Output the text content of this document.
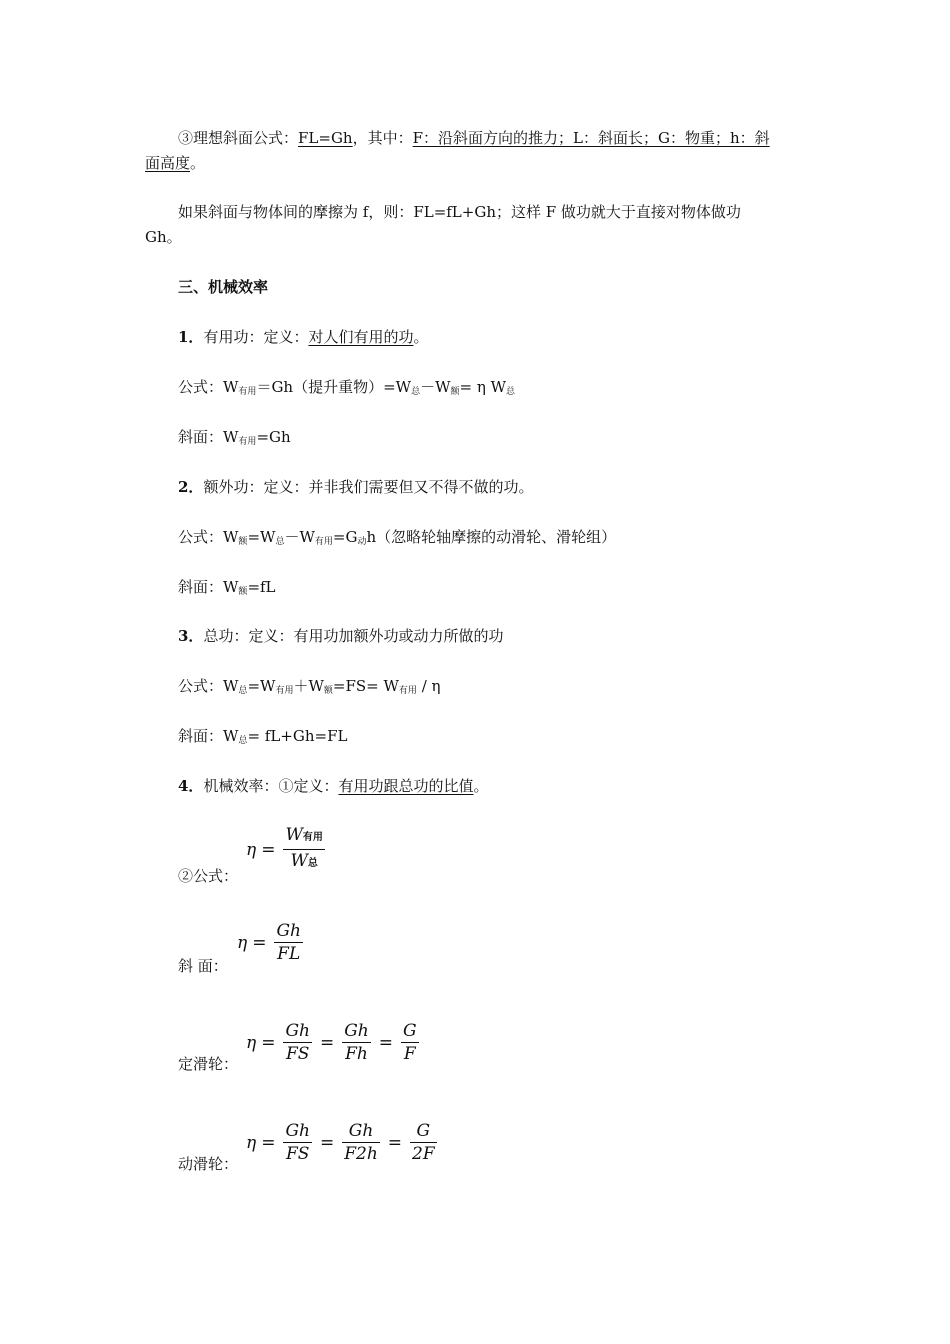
③理想斜面公式：FL=Gh，其中：F：沿斜面方向的推力；L：斜面长；G：物重；h：斜
面高度。
如果斜面与物体间的摩擦为 f，则：FL=fL+Gh；这样 F 做功就大于直接对物体做功
Gh。
三、机械效率
1．有用功：定义：对人们有用的功。
公式：$W_{有用}=Gh$（提升重物）$=W_总-W_额= \eta$ $W_总$
斜面：$W_{有用}=Gh$
2．额外功：定义：并非我们需要但又不得不做的功。
公式：$W_额=W_总-W_{有用}=G_动h$（忽略轮轴摩擦的动滑轮、滑轮组）
斜面：$W_额=fL$
3．总功：定义：有用功加额外功或动力所做的功
公式：$W_总=W_{有用}+W_额=FS= W_{有用} / \eta$
斜面：$W_总= fL+Gh=FL$
4．机械效率：①定义：有用功跟总功的比值。
②公式：
$\eta = \frac{\text{W有用}}{\text{W总}}$
斜 面：
$\eta = \frac{Gh}{FL}$
定滑轮：
$\eta = \frac{Gh}{FS} = \frac{Gh}{Fh} = \frac{G}{F}$
动滑轮：
$\eta = \frac{Gh}{FS} = \frac{Gh}{F2h} = \frac{G}{2F}$
